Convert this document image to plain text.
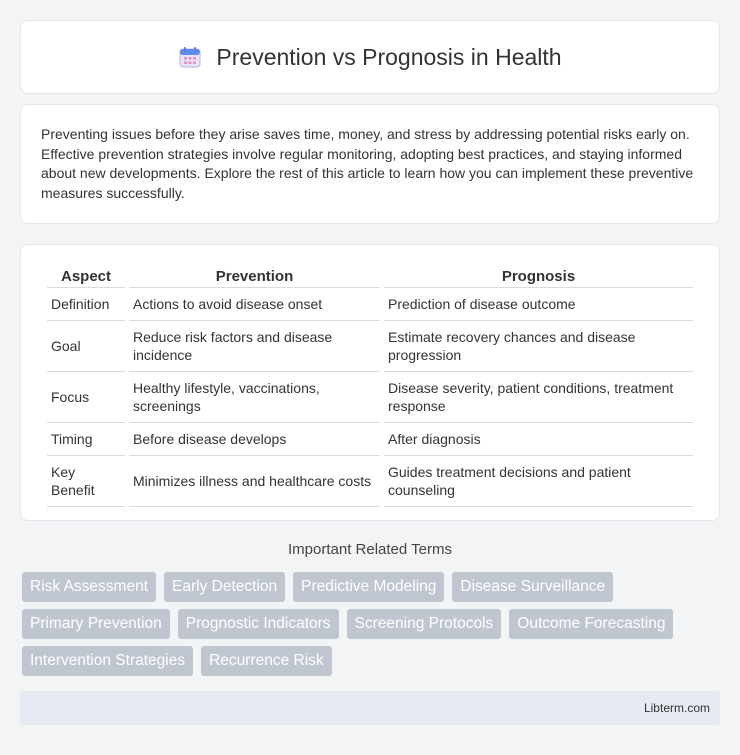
Prevention vs Prognosis in Health

Preventing issues before they arise saves time, money, and stress by addressing potential risks early on. Effective prevention strategies involve regular monitoring, adopting best practices, and staying informed about new developments. Explore the rest of this article to learn how you can implement these preventive measures successfully.

Aspect	Prevention	Prognosis
Definition	Actions to avoid disease onset	Prediction of disease outcome
Goal	Reduce risk factors and disease incidence	Estimate recovery chances and disease progression
Focus	Healthy lifestyle, vaccinations, screenings	Disease severity, patient conditions, treatment response
Timing	Before disease develops	After diagnosis
Key Benefit	Minimizes illness and healthcare costs	Guides treatment decisions and patient counseling
Important Related Terms
Risk Assessment	Early Detection	Predictive Modeling	Disease Surveillance
Primary Prevention	Prognostic Indicators	Screening Protocols	Outcome Forecasting
Intervention Strategies	Recurrence Risk
Libterm.com
